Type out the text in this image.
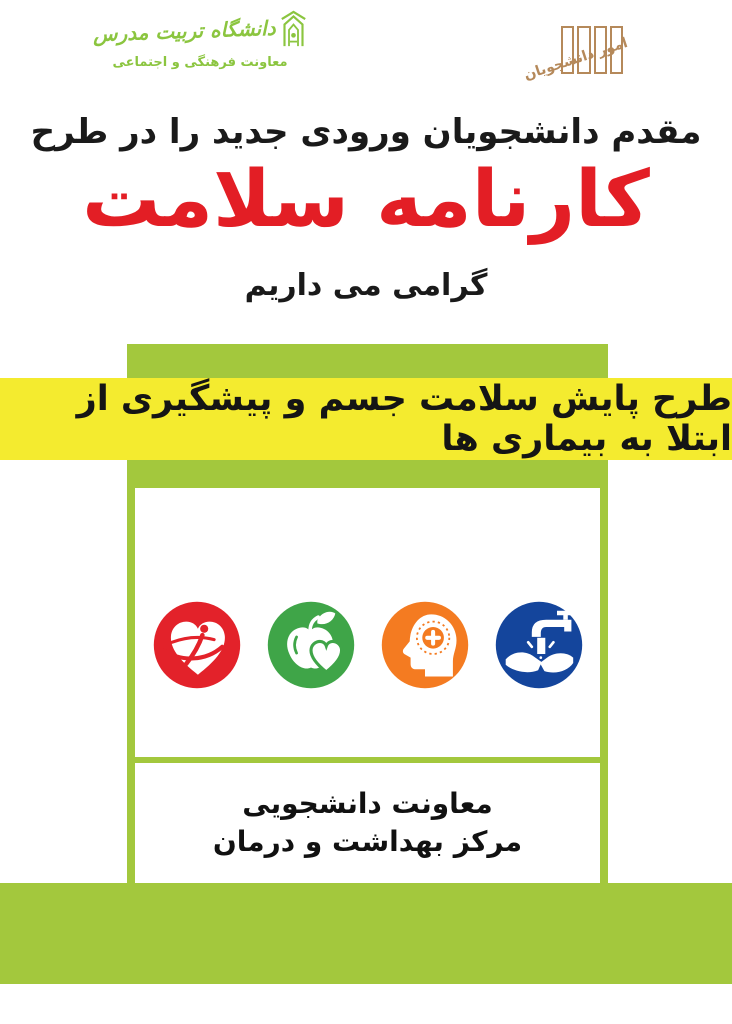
دانشگاه تربیت مدرس
معاونت فرهنگی و اجتماعی	امور دانشجویان
مقدم دانشجویان ورودی جدید را در طرح
کارنامه سلامت
گرامی می داریم
طرح پایش سلامت جسم و پیشگیری از ابتلا به بیماری ها
معاونت دانشجویی
مرکز بهداشت و درمان
